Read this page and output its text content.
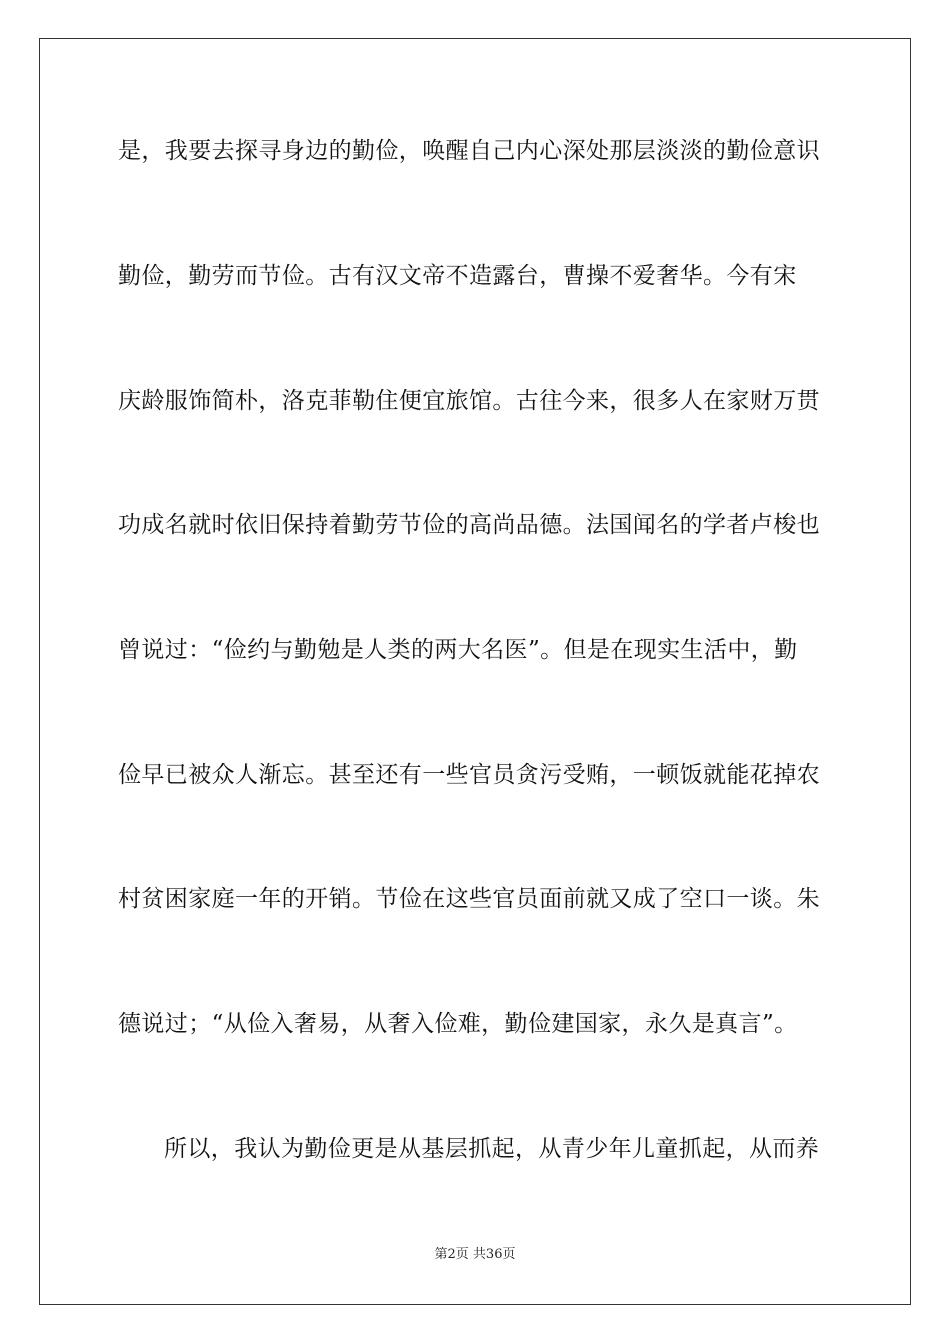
是，我要去探寻身边的勤俭，唤醒自己内心深处那层淡淡的勤俭意识
勤俭，勤劳而节俭。古有汉文帝不造露台，曹操不爱奢华。今有宋
庆龄服饰简朴，洛克菲勒住便宜旅馆。古往今来，很多人在家财万贯
功成名就时依旧保持着勤劳节俭的高尚品德。法国闻名的学者卢梭也
曾说过：“俭约与勤勉是人类的两大名医”。但是在现实生活中，勤
俭早已被众人渐忘。甚至还有一些官员贪污受贿，一顿饭就能花掉农
村贫困家庭一年的开销。节俭在这些官员面前就又成了空口一谈。朱
德说过；“从俭入奢易，从奢入俭难，勤俭建国家，永久是真言”。
所以，我认为勤俭更是从基层抓起，从青少年儿童抓起，从而养
第2页 共36页
